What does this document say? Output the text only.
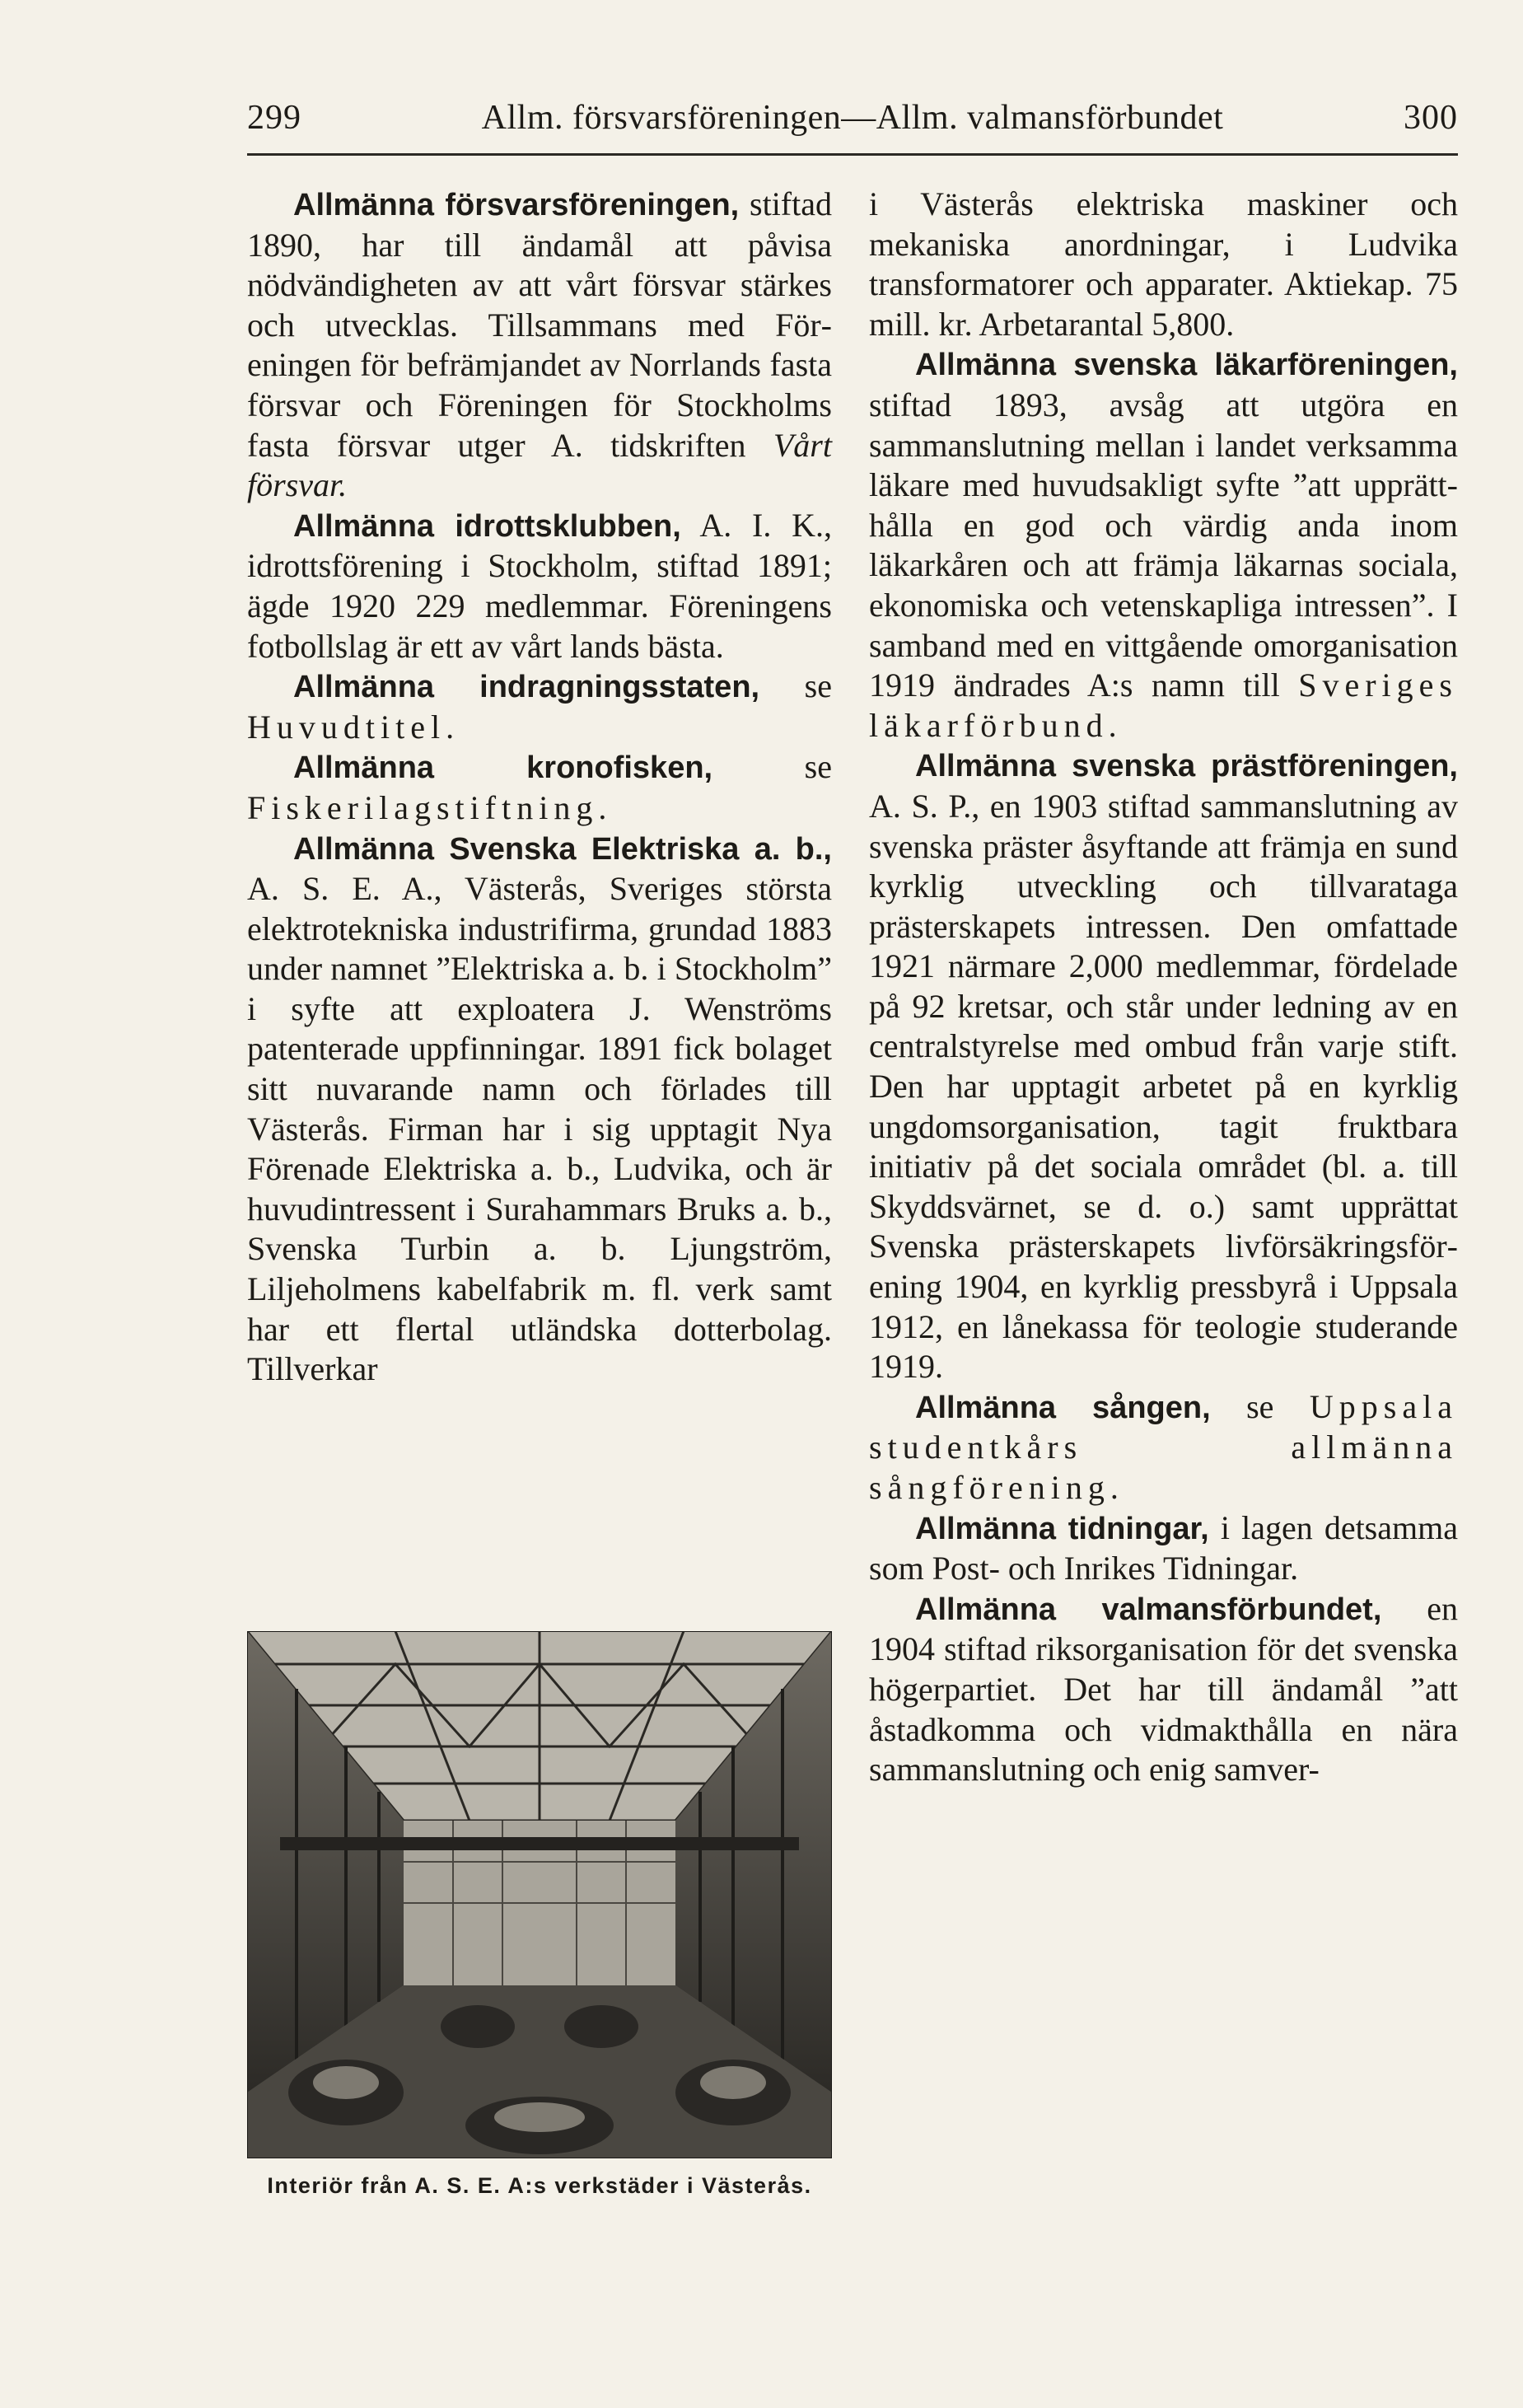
299	Allm. försvarsföreningen—Allm. valmansförbundet	300

Allmänna försvarsföreningen, stiftad 1890, har till ändamål att påvisa nödvändigheten av att vårt försvar stärkes och utvecklas. Tillsammans med Föreningen för befrämjandet av Norrlands fasta försvar och Föreningen för Stockholms fasta försvar utger A. tidskriften Vårt försvar.

Allmänna idrottsklubben, A. I. K., idrottsförening i Stockholm, stiftad 1891; ägde 1920 229 medlemmar. Föreningens fotbollslag är ett av vårt lands bästa.

Allmänna indragningsstaten, se Huvudtitel.

Allmänna kronofisken, se Fiskerilagstiftning.

Allmänna Svenska Elektriska a. b., A. S. E. A., Västerås, Sveriges största elektrotekniska industrifirma, grundad 1883 under namnet ”Elektriska a. b. i Stockholm” i syfte att exploatera J. Wenströms patenterade uppfinningar. 1891 fick bolaget sitt nuvarande namn och förlades till Västerås. Firman har i sig upptagit Nya Förenade Elektriska a. b., Ludvika, och är huvudintressent i Surahammars Bruks a. b., Svenska Turbin a. b. Ljungström, Liljeholmens kabelfabrik m. fl. verk samt har ett flertal utländska dotterbolag. Tillverkar

Interiör från A. S. E. A:s verkstäder i Västerås.

i Västerås elektriska maskiner och mekaniska anordningar, i Ludvika transformatorer och apparater. Aktiekap. 75 mill. kr. Arbetarantal 5,800.

Allmänna svenska läkarföreningen, stiftad 1893, avsåg att utgöra en sammanslutning mellan i landet verksamma läkare med huvudsakligt syfte ”att upprätthålla en god och värdig anda inom läkarkåren och att främja läkarnas sociala, ekonomiska och vetenskapliga intressen”. I samband med en vittgående omorganisation 1919 ändrades A:s namn till Sveriges läkarförbund.

Allmänna svenska prästföreningen, A. S. P., en 1903 stiftad sammanslutning av svenska präster åsyftande att främja en sund kyrklig utveckling och tillvaratagа prästerskapets intressen. Den omfattade 1921 närmare 2,000 medlemmar, fördelade på 92 kretsar, och står under ledning av en centralstyrelse med ombud från varje stift. Den har upptagit arbetet på en kyrklig ungdomsorganisation, tagit fruktbara initiativ på det sociala området (bl. a. till Skyddsvärnet, se d. o.) samt upprättat Svenska prästerskapets livförsäkringsförening 1904, en kyrklig pressbyrå i Uppsala 1912, en lånekassa för teologie studerande 1919.

Allmänna sången, se Uppsala studentkårs allmänna sångförening.

Allmänna tidningar, i lagen detsamma som Post- och Inrikes Tidningar.

Allmänna valmansförbundet, en 1904 stiftad riksorganisation för det svenska högerpartiet. Det har till ändamål ”att åstadkomma och vidmakthålla en nära sammanslutning och enig samver-
